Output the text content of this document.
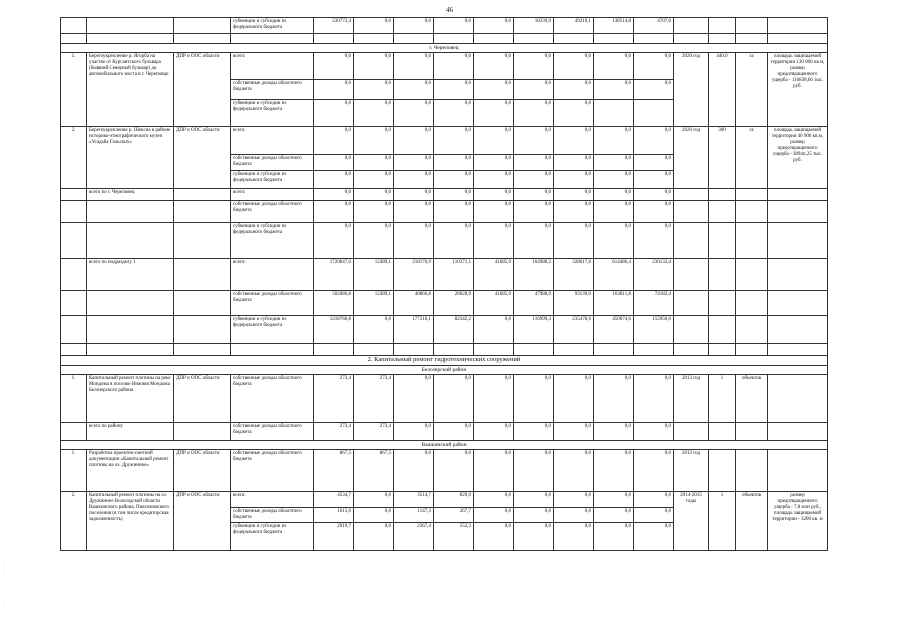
46
·
·
·
·
·
·
·
			субвенции и субсидии из федерального бюджета	230772,4	0,0	0,0	0,0	0,0	18339,9	49210,1	138514,8	4707,6				

г. Череповец																
1.	Берегоукрепление р. Ягорба на участке от Курсантского бульвара (бывший Северный бульвар) до автомобильного моста в г. Череповце	ДПР и ООС области	всего:	0,0	0,0	0,0	0,0	0,0	0,0	0,0	0,0	0,0	2020 год	440,0	га	площадь защищаемой территории 130 000 кв.м, размер предотвращенного ущерба - 116838,66 тыс. руб.
			собственные доходы областного бюджета	0,0	0,0	0,0	0,0	0,0	0,0	0,0	0,0	0,0				
			субвенции и субсидии из федерального бюджета	0,0	0,0	0,0	0,0	0,0	0,0	0,0						
2.	Берегоукрепление р. Шексна в районе историко-этнографического музея «Усадьба Гальских»	ДПР и ООС области	всего:	0,0	0,0	0,0	0,0	0,0	0,0	0,0	0,0	0,0	2020 год	300	га	площадь защищаемой территории 40 900 кв.м, размер предотвращенного ущерба - 3894п,25 тыс. руб.
			собственные доходы областного бюджета	0,0	0,0	0,0	0,0	0,0	0,0	0,0	0,0	0,0				
			субвенции и субсидии из федерального бюджета	0,0	0,0	0,0	0,0	0,0	0,0	0,0	0,0	0,0				
	всего по г. Череповец		всего:	0,0	0,0	0,0	0,0	0,0	0,0	0,0	0,0	0,0				
			собственные доходы областного бюджета	0,0	0,0	0,0	0,0	0,0	0,0	0,0	0,0	0,0				
			субвенции и субсидии из федерального бюджета	0,0	0,0	0,0	0,0	0,0	0,0	0,0	0,0	0,0				
	всего по подразделу 1		всего:	1720847,6	12389,1	218176,9	110371,1	41685,9	164988,2	328017,6	614486,4	230132,4				
			собственные доходы областного бюджета	502086,8	12389,1	40860,8	28028,9	41685,9	47988,9	93139,0	163811,8	74182,4				
			субвенции и субсидии из федерального бюджета	1218760,8	0,0	177316,1	82342,2	0,0	116999,3	235478,6	450674,6	155950,0				

2. Капитальный ремонт гидротехнических сооружений																
Белозерский район																
1.	Капитальный ремонт плотины на реке Мондома в поселке Нижняя Мондома Белозерского района	ДПР и ООС области	собственные доходы областного бюджета	273,4	273,4	0,0	0,0	0,0	0,0	0,0	0,0	0,0	2013 год	1	объектов	
	всего по району		собственные доходы областного бюджета	273,4	273,4	0,0	0,0	0,0	0,0	0,0	0,0	0,0				
Вашкинский район																
1.	Разработка проектно-сметной документации «Капитальный ремонт плотины на оз. Дружинное»	ДПР и ООС области	собственные доходы областного бюджета	867,5	867,5	0,0	0,0	0,0	0,0	0,0	0,0	0,0	2013 год			
2.	Капитальный ремонт плотины на оз. Дружинное Вологодской области Вашкинского района, Пиксимовского поселения (в том числе кредиторская задолженность)	ДПР и ООС области	всего:	4534,7	0,0	3514,7	820,0	0,0	0,0	0,0	0,0	0,0	2014-2015 годы	1	объектов	размер предотвращенного ущерба - 7,8 млн руб., площадь защищаемой территории - 3200 кв. м
			собственные доходы областного бюджета	1615,0	0,0	1147,3	267,7	0,0	0,0	0,0	0,0	0,0				
			субвенции и субсидии из федерального бюджета	2919,7	0,0	2367,4	552,3	0,0	0,0	0,0	0,0	0,0				
